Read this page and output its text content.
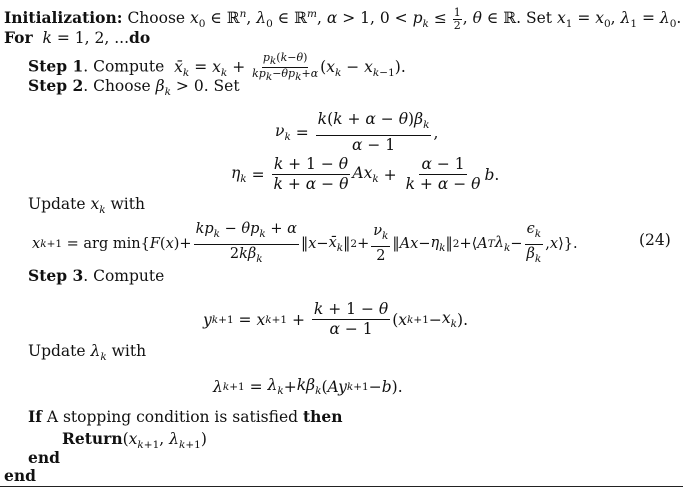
Initialization: Choose $x_0$ ∈ ℝ$^n$, $\lambda_0$ ∈ ℝ$^m$, α > 1, $0 < p_k \le \frac{1}{2}$ , θ ∈ ℝ. Set $x_1 = x_0$, $\lambda_1 = \lambda_0$.
For k = 1, 2, ...do
Step 1. Compute $x̄_k = x_k + \frac{p_k(k-\theta)}{kp_k-\theta p_k+\alpha} (x_k - x_{k-1})$.
Step 2. Choose $\beta_k > 0$. Set
$\nu_k = \frac{k(k + \alpha - \theta)\beta_k}{\alpha - 1}$ ,
$\eta_k = \frac{k + 1 - \theta}{k + \alpha - \theta} Ax_k + \frac{\alpha - 1}{k + \alpha - \theta}$ b .
Update $x_k$ with
x k+1 = arg min{ F ( x )+ $\frac{kp_k - \theta p_k + \alpha}{2k\beta_k}$ ‖ $x - x̄_k$ ‖ $2 + \frac{\nu_k}{2}$ ‖ $Ax - \eta_k$ ‖ 2 +⟨ A T $\lambda_k - \frac{\epsilon_k}{\beta_k}$ , x ⟩}.	(24)
Step 3. Compute
y k+1 = x $k+1 + \frac{k + 1 - \theta}{\alpha - 1}$ ( x $k+1 - x_k$ ).
Update $\lambda_k$ with
λ $k+1 = \lambda_k + k\beta_k$ ( Ay k+1 − b ).
If A stopping condition is satisfied then
$Return(x_{k+1}$, $\lambda_{k+1}$)
end
end
